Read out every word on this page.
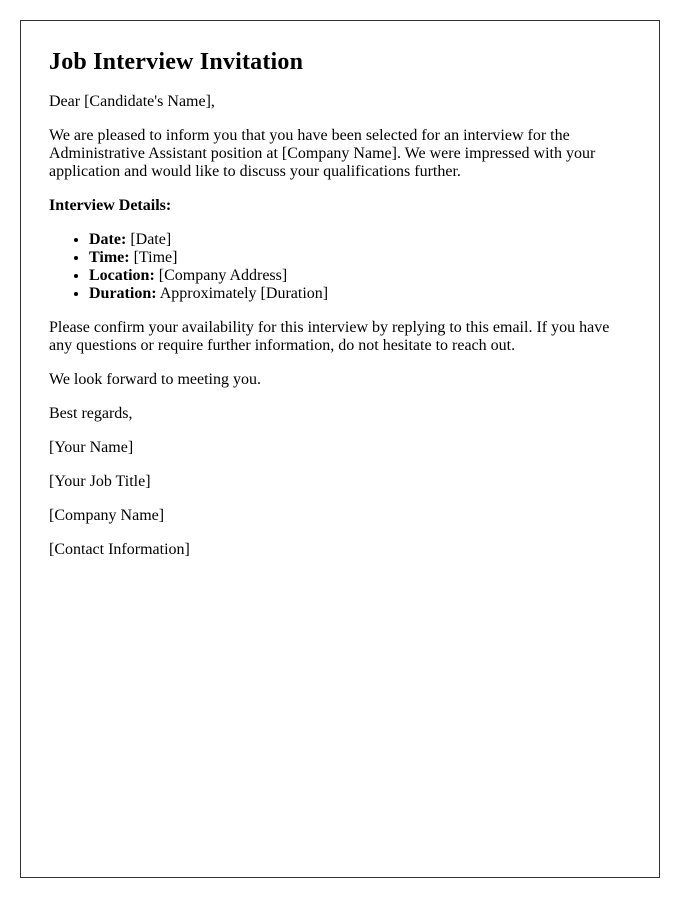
Job Interview Invitation

Dear [Candidate's Name],

We are pleased to inform you that you have been selected for an interview for the Administrative Assistant position at [Company Name]. We were impressed with your application and would like to discuss your qualifications further.

Interview Details:

• Date: [Date]
• Time: [Time]
• Location: [Company Address]
• Duration: Approximately [Duration]

Please confirm your availability for this interview by replying to this email. If you have any questions or require further information, do not hesitate to reach out.

We look forward to meeting you.

Best regards,

[Your Name]

[Your Job Title]

[Company Name]

[Contact Information]
